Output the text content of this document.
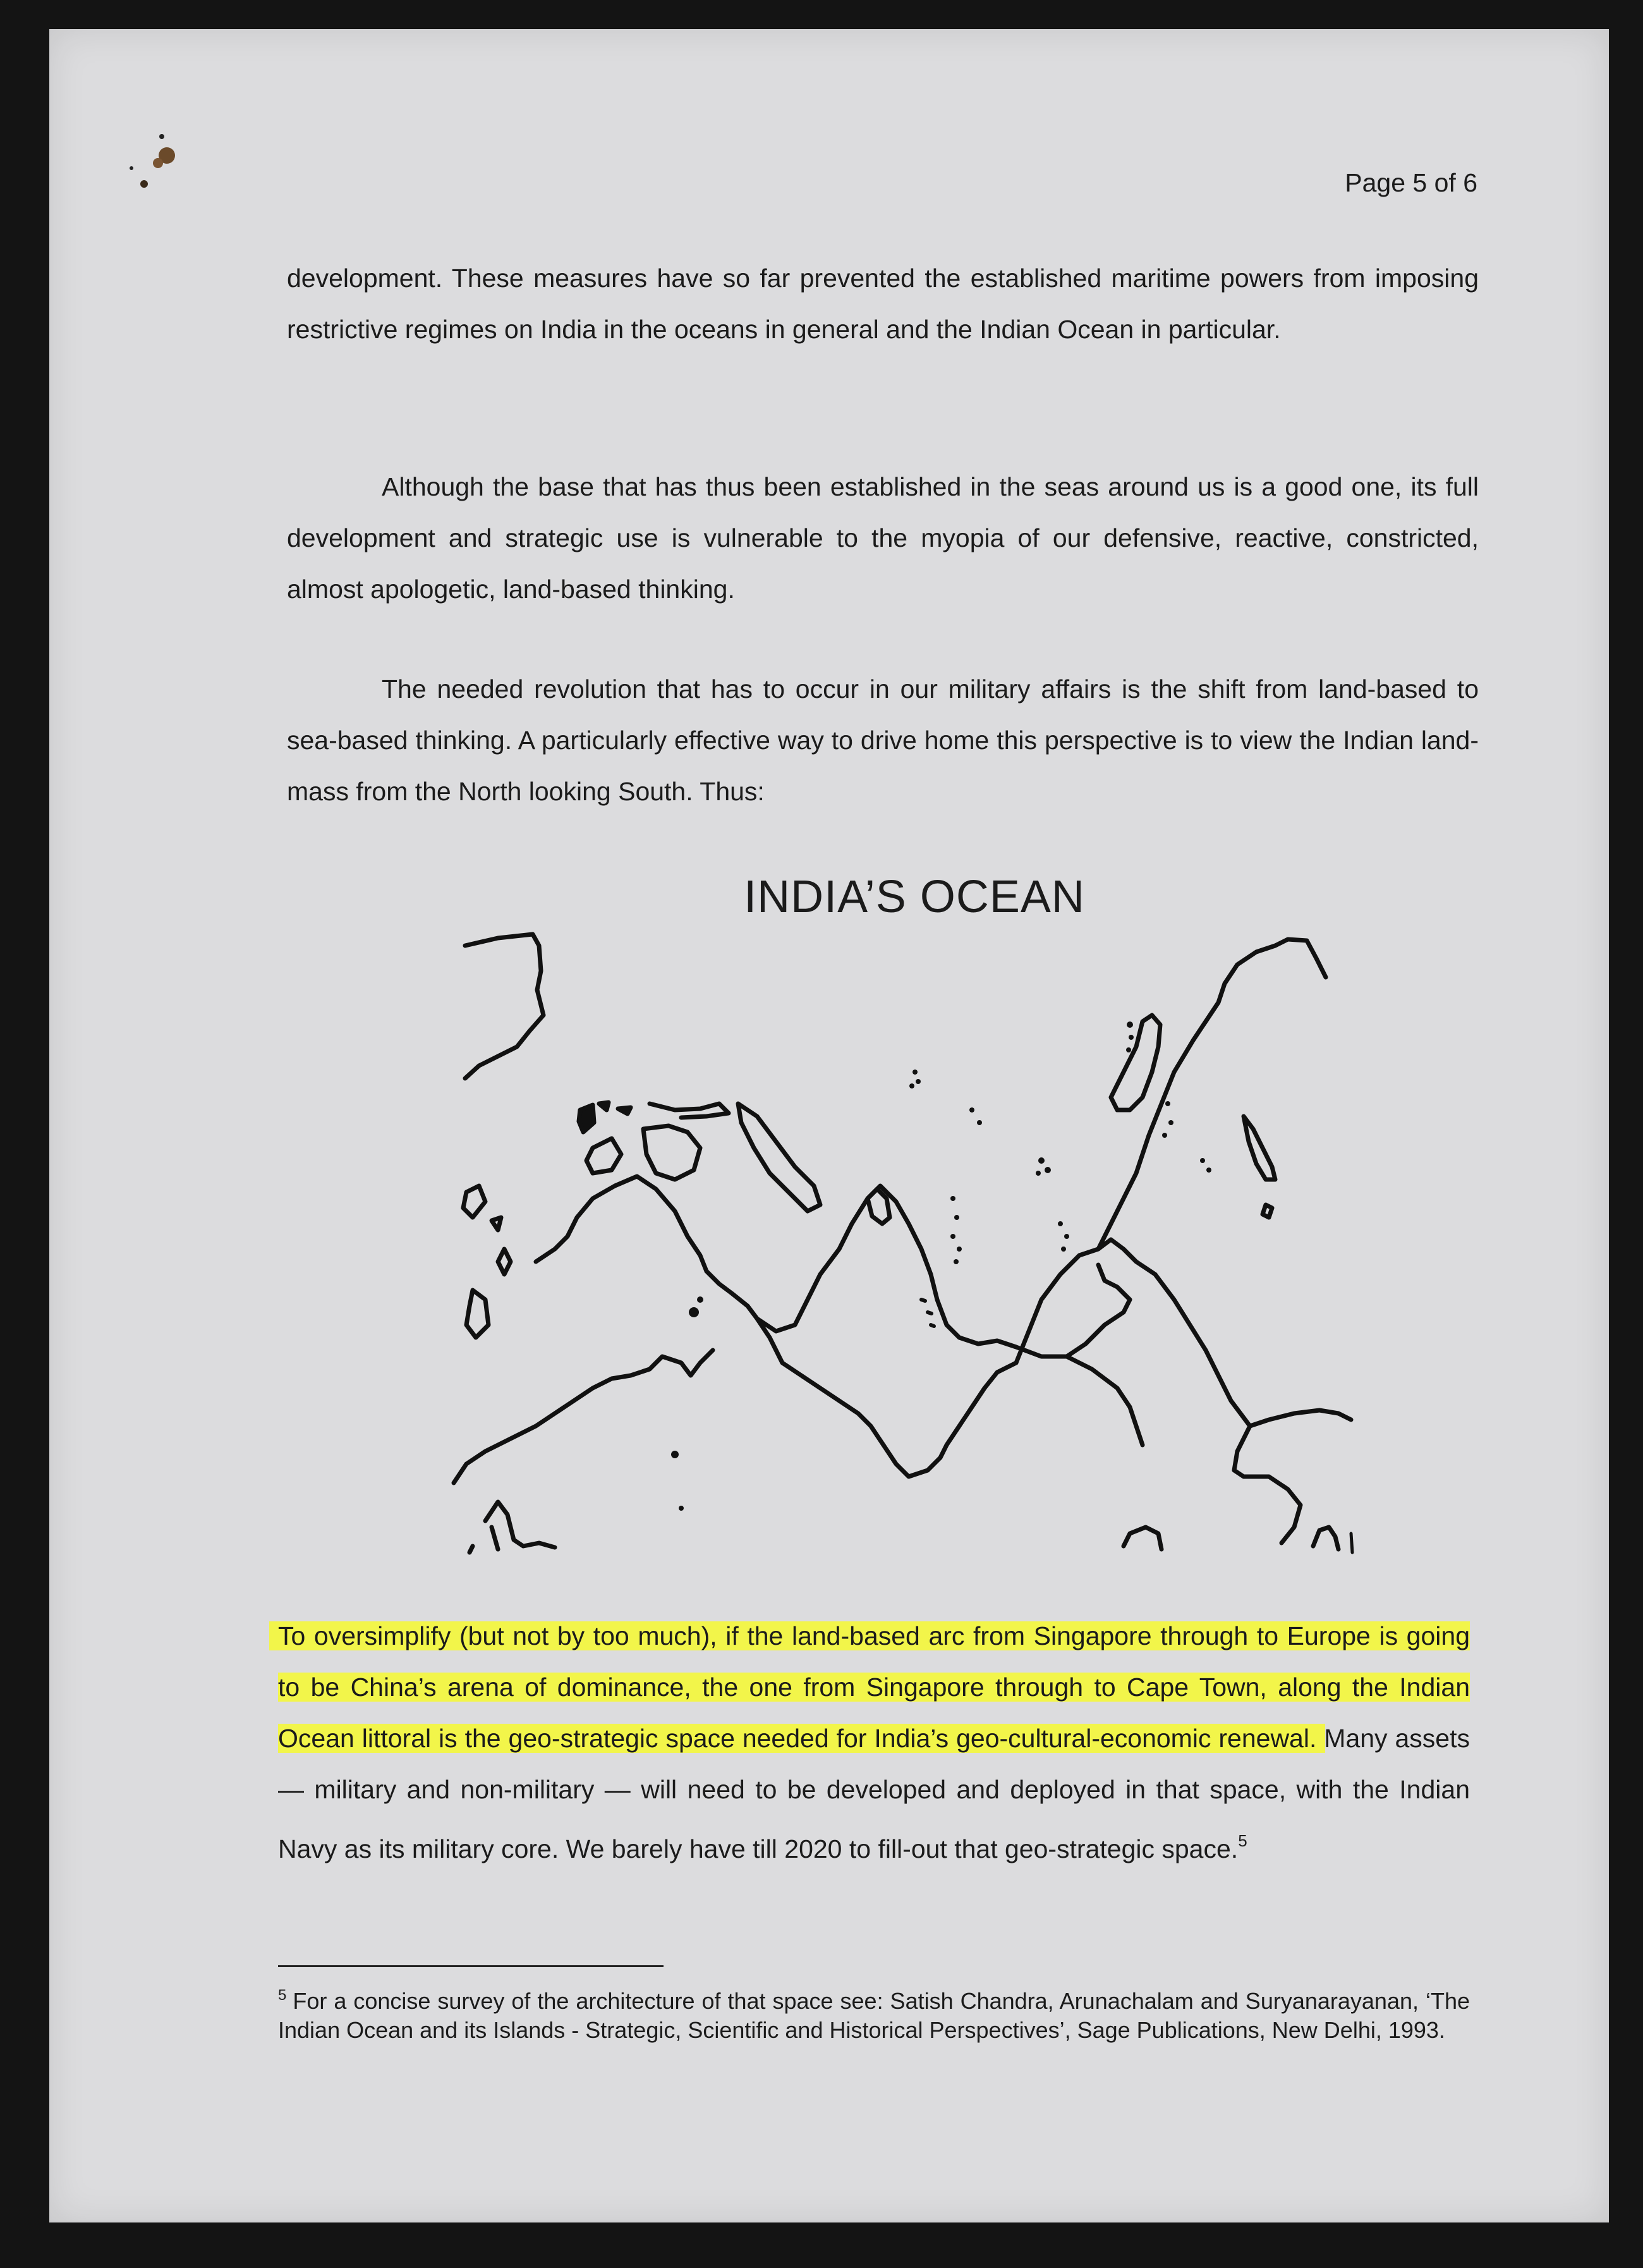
Page 5 of 6

development. These measures have so far prevented the established maritime powers from imposing restrictive regimes on India in the oceans in general and the Indian Ocean in particular.

Although the base that has thus been established in the seas around us is a good one, its full development and strategic use is vulnerable to the myopia of our defensive, reactive, constricted, almost apologetic, land-based thinking.

The needed revolution that has to occur in our military affairs is the shift from land-based to sea-based thinking. A particularly effective way to drive home this perspective is to view the Indian land-mass from the North looking South. Thus:

INDIA’S OCEAN

To oversimplify (but not by too much), if the land-based arc from Singapore through to Europe is going to be China’s arena of dominance, the one from Singapore through to Cape Town, along the Indian Ocean littoral is the geo-strategic space needed for India’s geo-cultural-economic renewal. Many assets — military and non-military — will need to be developed and deployed in that space, with the Indian Navy as its military core. We barely have till 2020 to fill-out that geo-strategic space.$^5$

$^5$ For a concise survey of the architecture of that space see: Satish Chandra, Arunachalam and Suryanarayanan, ‘The Indian Ocean and its Islands - Strategic, Scientific and Historical Perspectives’, Sage Publications, New Delhi, 1993.
